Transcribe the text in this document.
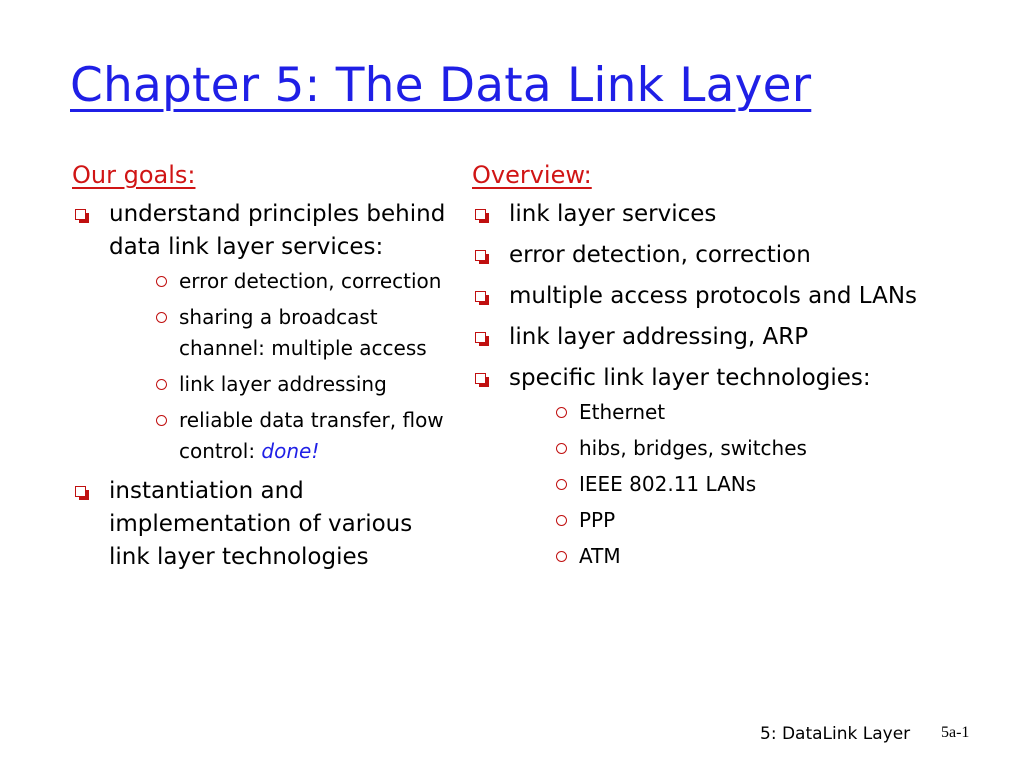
Chapter 5: The Data Link Layer
Our goals:
understand principles behind data link layer services:
error detection, correction
sharing a broadcast channel: multiple access
link layer addressing
reliable data transfer, flow control: done!
instantiation and implementation of various link layer technologies
Overview:
link layer services
error detection, correction
multiple access protocols and LANs
link layer addressing, ARP
specific link layer technologies:
Ethernet
hibs, bridges, switches
IEEE 802.11 LANs
PPP
ATM
5: DataLink Layer 5a-1
